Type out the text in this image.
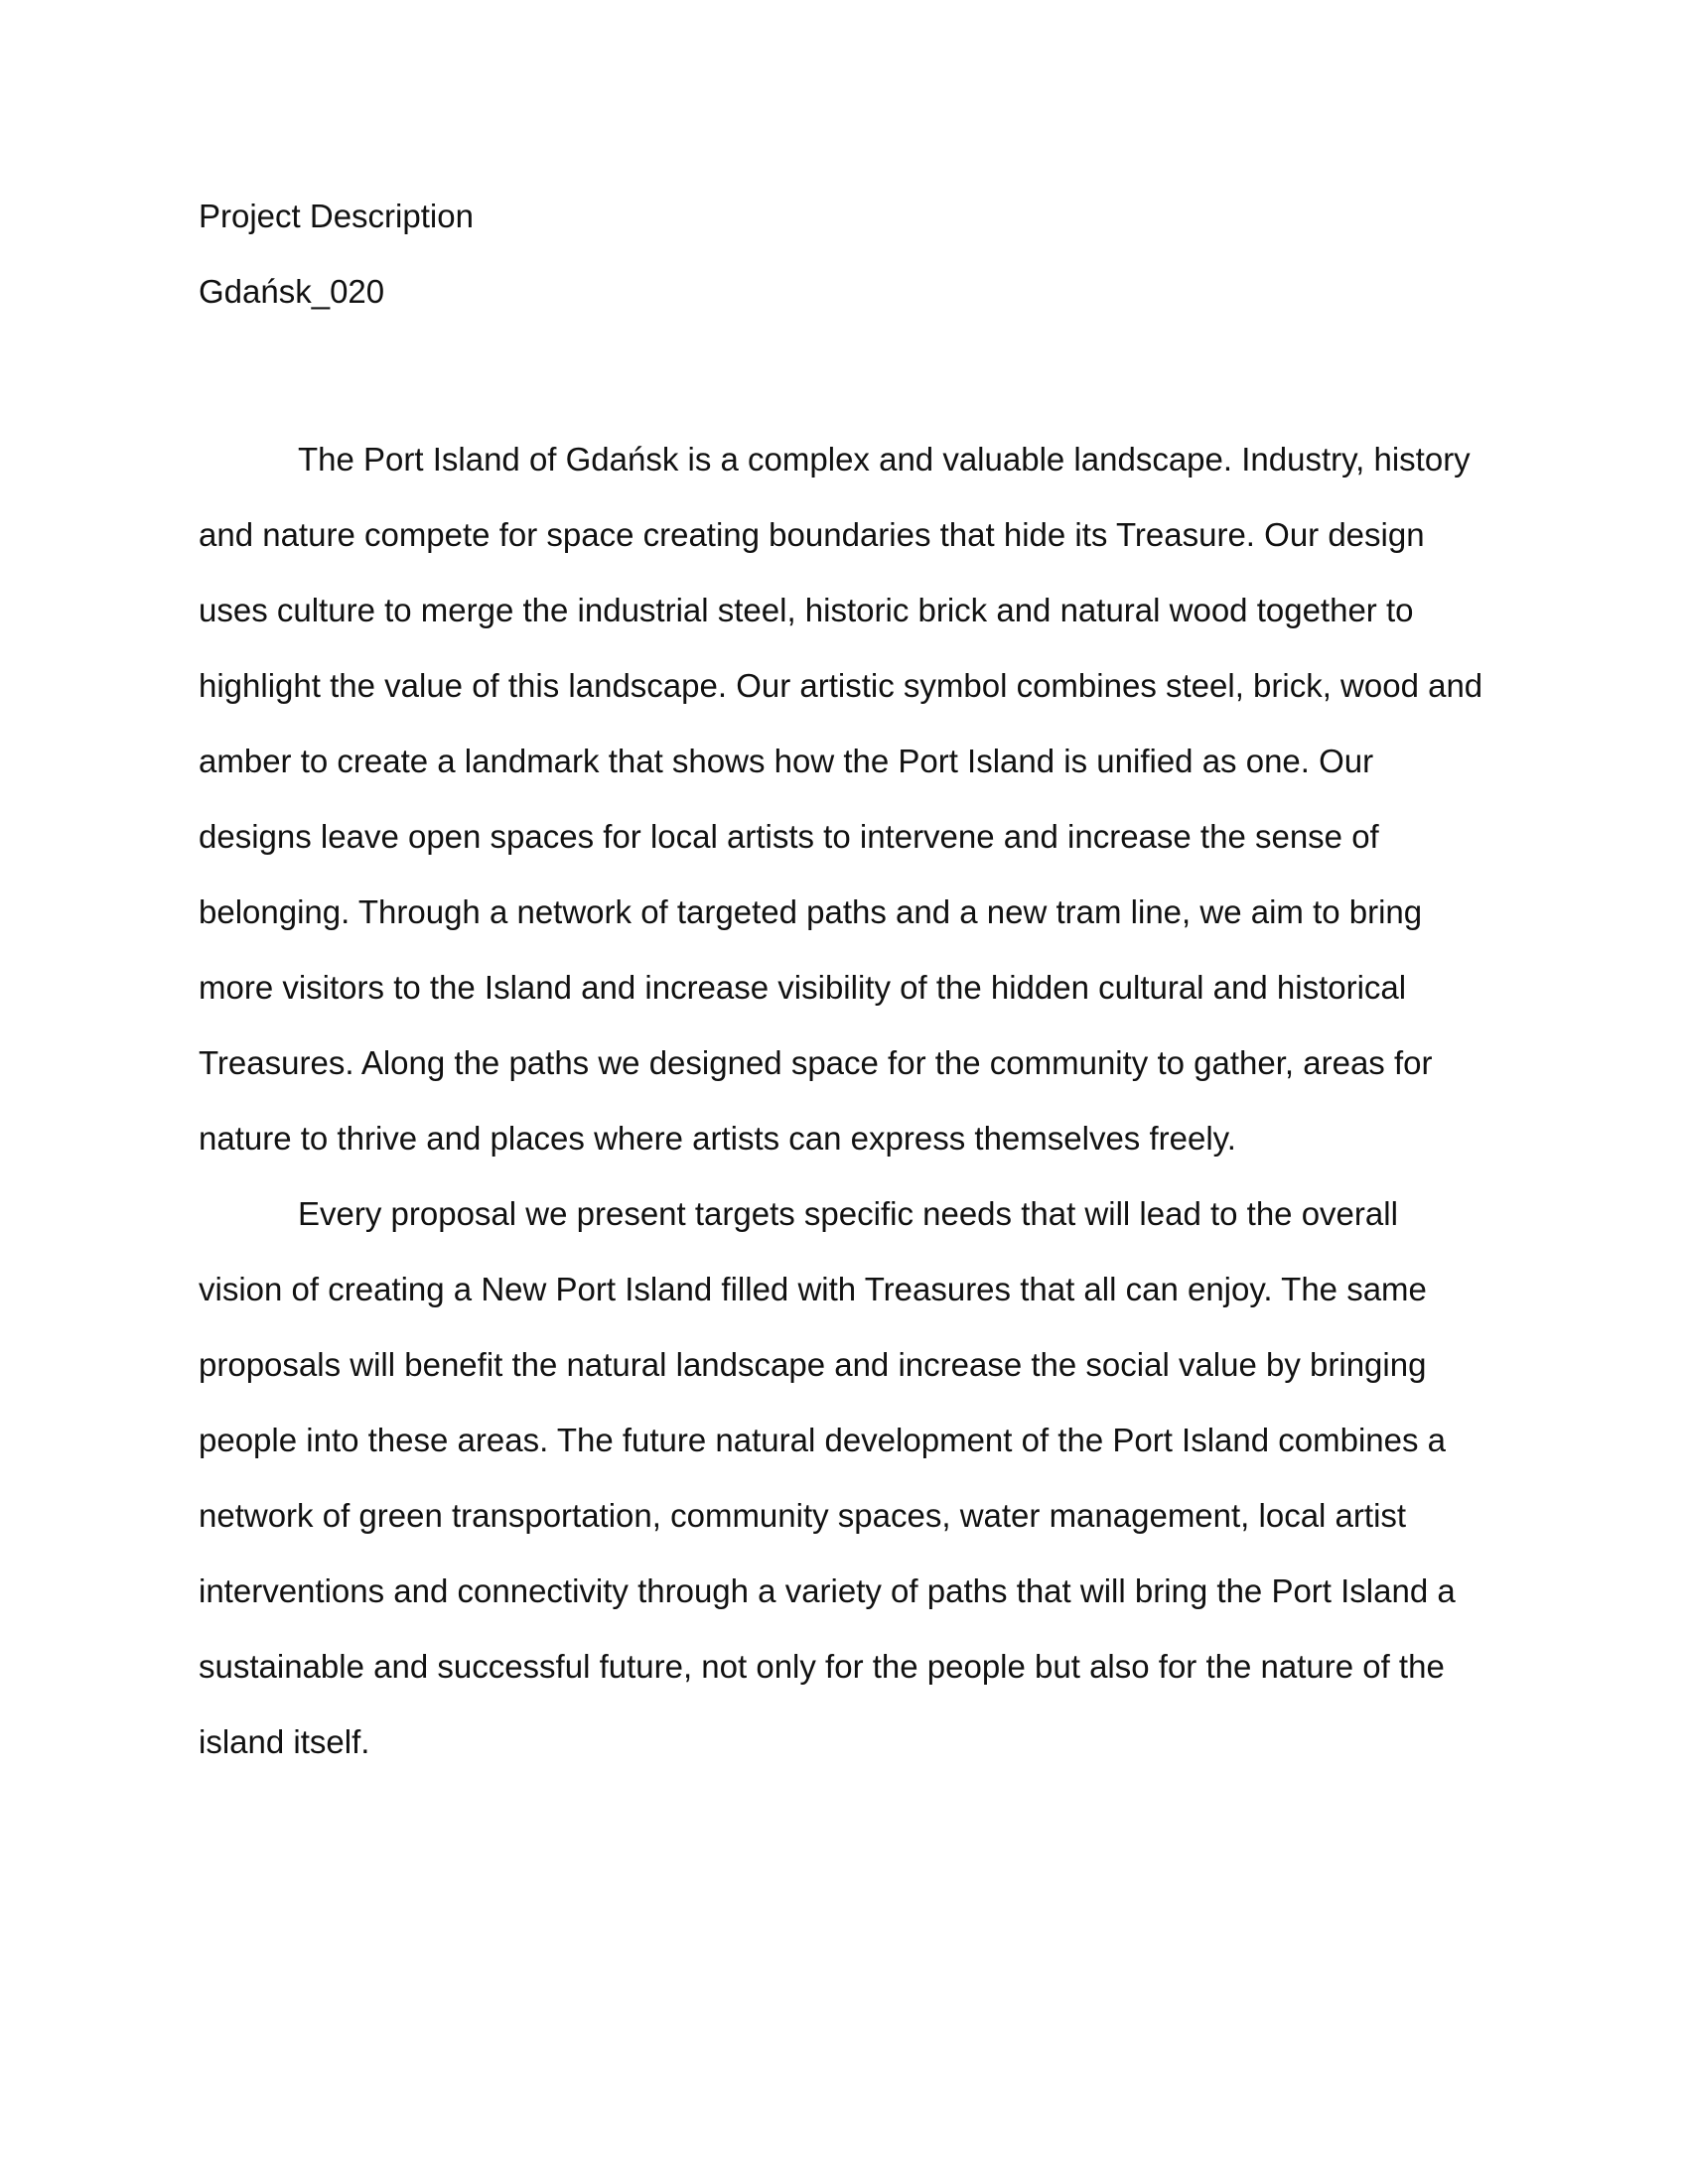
Project Description
Gdańsk_020

The Port Island of Gdańsk is a complex and valuable landscape. Industry, history and nature compete for space creating boundaries that hide its Treasure. Our design uses culture to merge the industrial steel, historic brick and natural wood together to highlight the value of this landscape. Our artistic symbol combines steel, brick, wood and amber to create a landmark that shows how the Port Island is unified as one. Our designs leave open spaces for local artists to intervene and increase the sense of belonging. Through a network of targeted paths and a new tram line, we aim to bring more visitors to the Island and increase visibility of the hidden cultural and historical Treasures. Along the paths we designed space for the community to gather, areas for nature to thrive and places where artists can express themselves freely.

Every proposal we present targets specific needs that will lead to the overall vision of creating a New Port Island filled with Treasures that all can enjoy. The same proposals will benefit the natural landscape and increase the social value by bringing people into these areas. The future natural development of the Port Island combines a network of green transportation, community spaces, water management, local artist interventions and connectivity through a variety of paths that will bring the Port Island a sustainable and successful future, not only for the people but also for the nature of the island itself.
